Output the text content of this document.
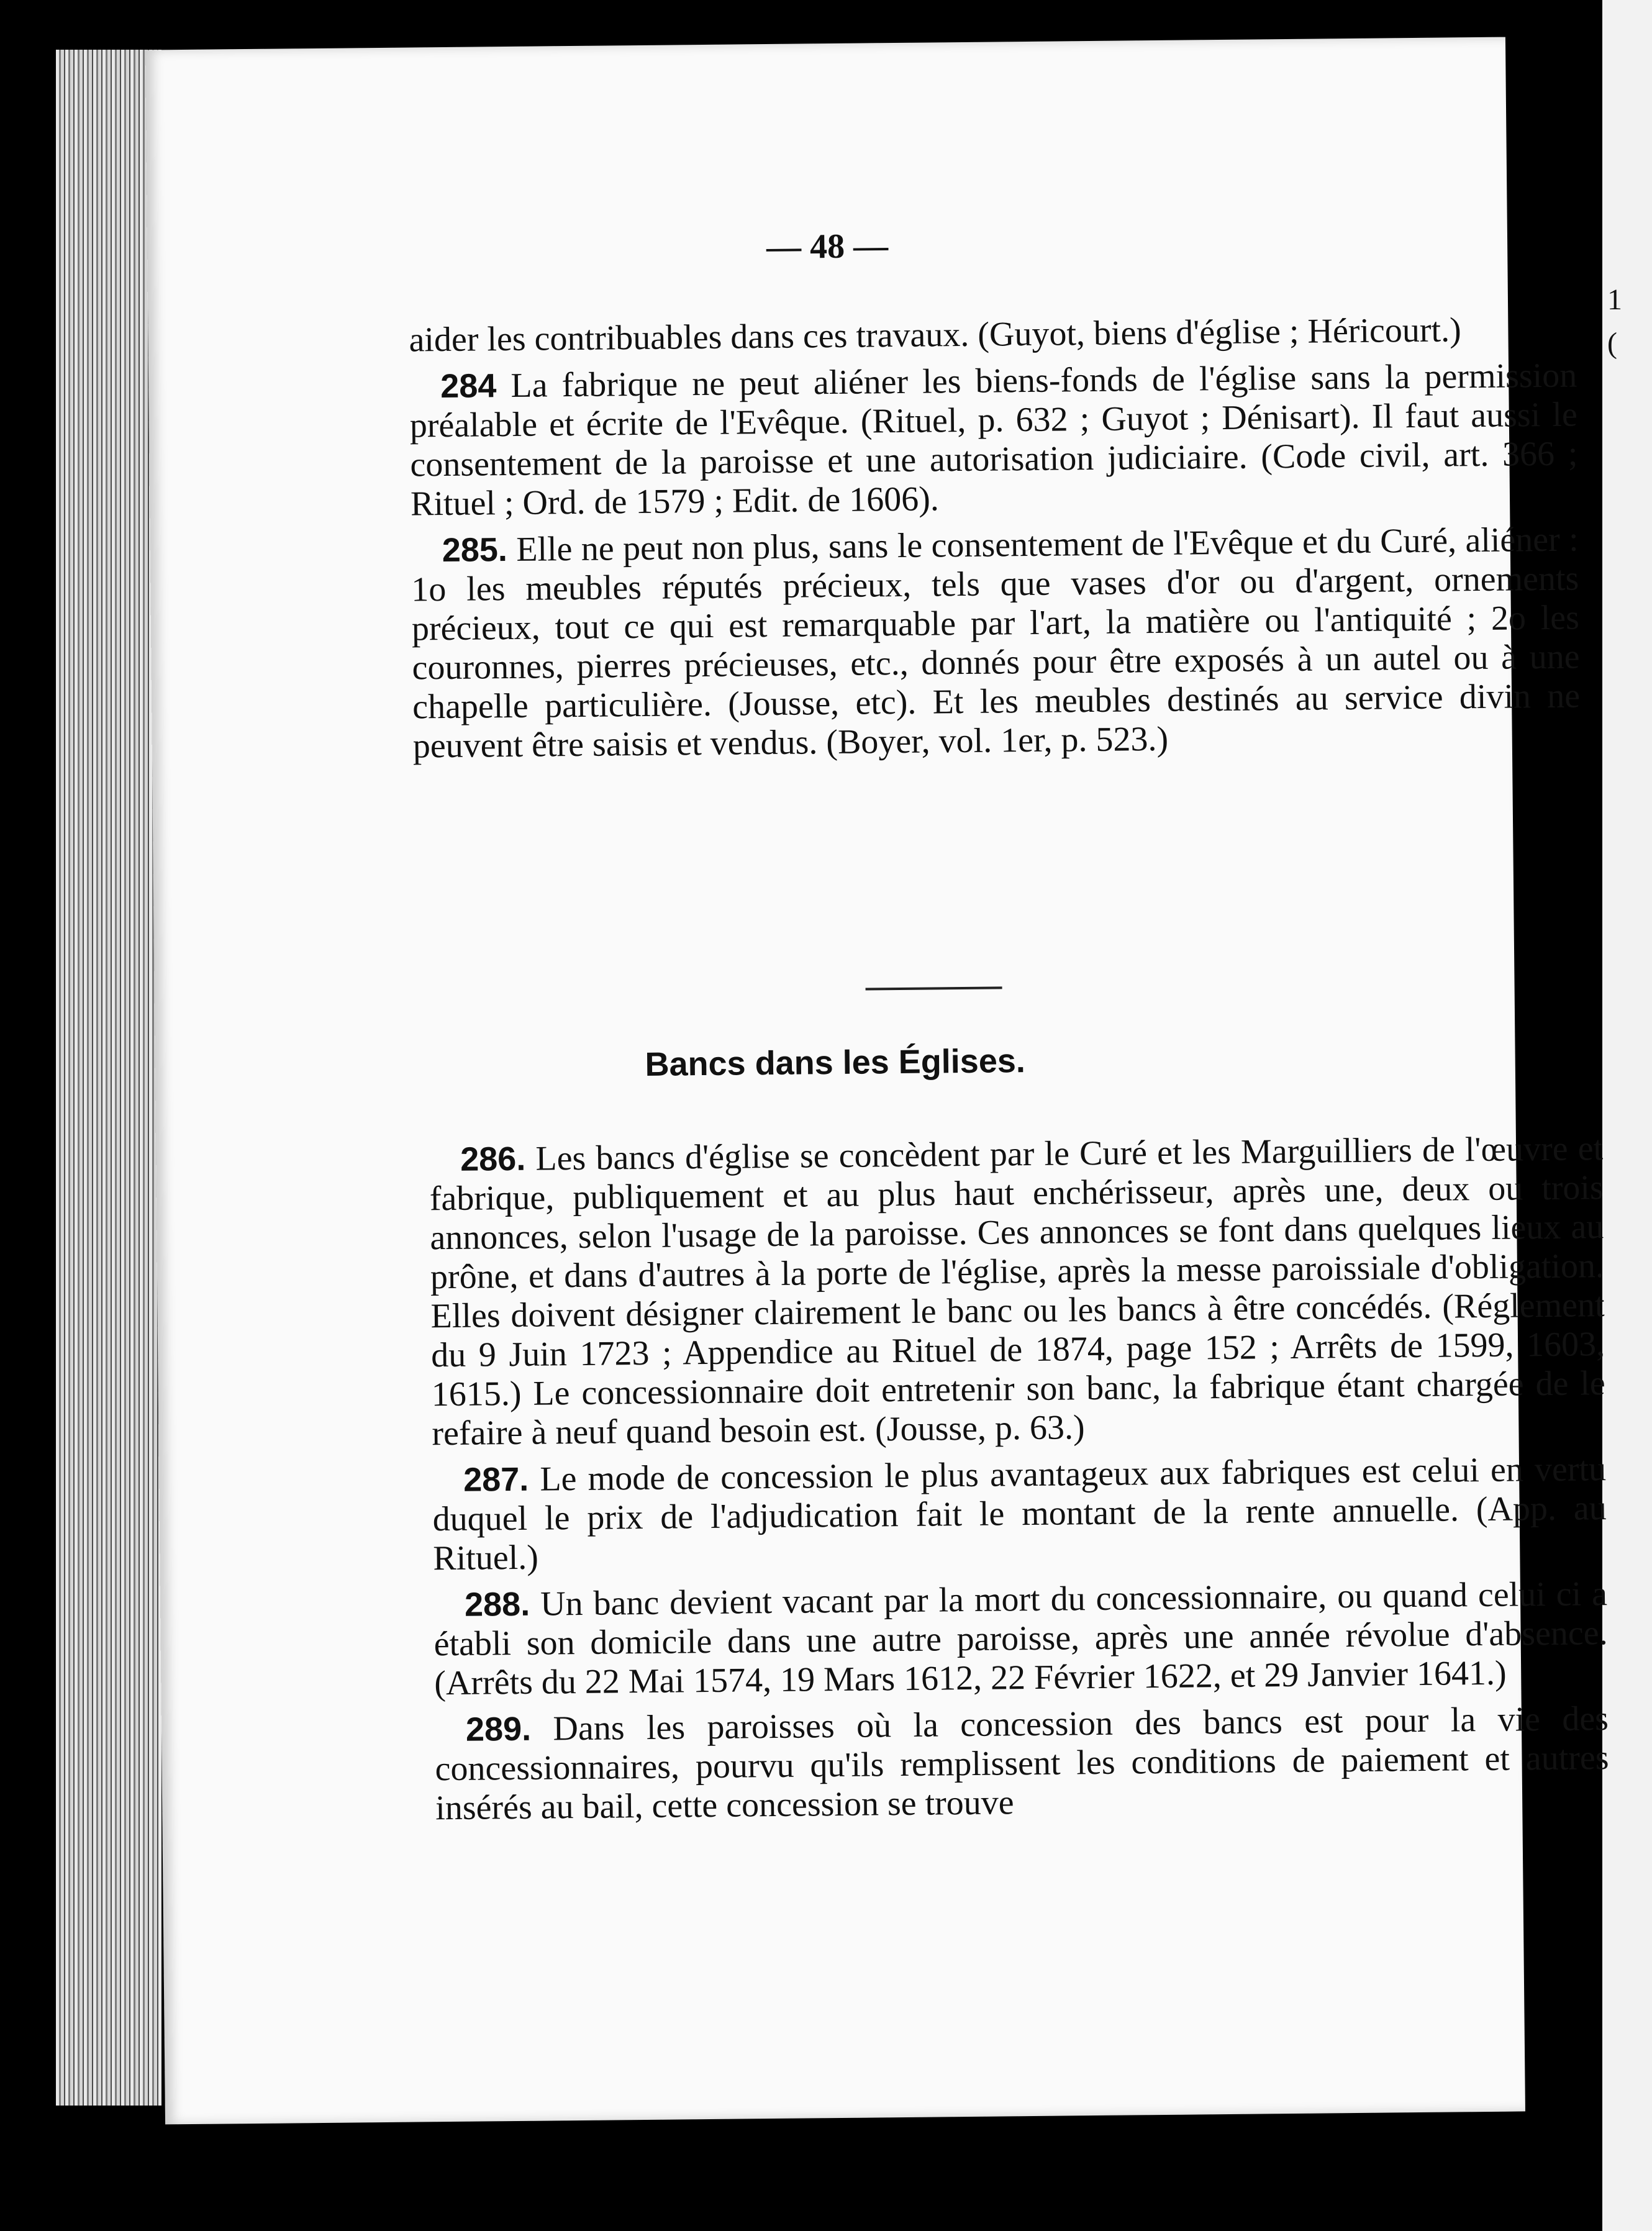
1
(
— 48 —

aider les contribuables dans ces travaux. (Guyot, biens d'église ; Héricourt.)

284 La fabrique ne peut aliéner les biens-fonds de l'église sans la permission préalable et écrite de l'Evêque. (Rituel, p. 632 ; Guyot ; Dénisart). Il faut aussi le consentement de la paroisse et une autorisation judiciaire. (Code civil, art. 366 ; Rituel ; Ord. de 1579 ; Edit. de 1606).

285. Elle ne peut non plus, sans le consentement de l'Evêque et du Curé, aliéner : 1o les meubles réputés précieux, tels que vases d'or ou d'argent, ornements précieux, tout ce qui est remarquable par l'art, la matière ou l'antiquité ; 2o les couronnes, pierres précieuses, etc., donnés pour être exposés à un autel ou à une chapelle particulière. (Jousse, etc). Et les meubles destinés au service divin ne peuvent être saisis et vendus. (Boyer, vol. 1er, p. 523.)

Bancs dans les Églises.

286. Les bancs d'église se concèdent par le Curé et les Marguilliers de l'œuvre et fabrique, publiquement et au plus haut enchérisseur, après une, deux ou trois annonces, selon l'usage de la paroisse. Ces annonces se font dans quelques lieux au prône, et dans d'autres à la porte de l'église, après la messe paroissiale d'obligation. Elles doivent désigner clairement le banc ou les bancs à être concédés. (Réglement du 9 Juin 1723 ; Appendice au Rituel de 1874, page 152 ; Arrêts de 1599, 1603, 1615.) Le concessionnaire doit entretenir son banc, la fabrique étant chargée de le refaire à neuf quand besoin est. (Jousse, p. 63.)

287. Le mode de concession le plus avantageux aux fabriques est celui en vertu duquel le prix de l'adjudication fait le montant de la rente annuelle. (App. au Rituel.)

288. Un banc devient vacant par la mort du concessionnaire, ou quand celui ci a établi son domicile dans une autre paroisse, après une année révolue d'absence. (Arrêts du 22 Mai 1574, 19 Mars 1612, 22 Février 1622, et 29 Janvier 1641.)

289. Dans les paroisses où la concession des bancs est pour la vie des concessionnaires, pourvu qu'ils remplissent les conditions de paiement et autres insérés au bail, cette concession se trouve
